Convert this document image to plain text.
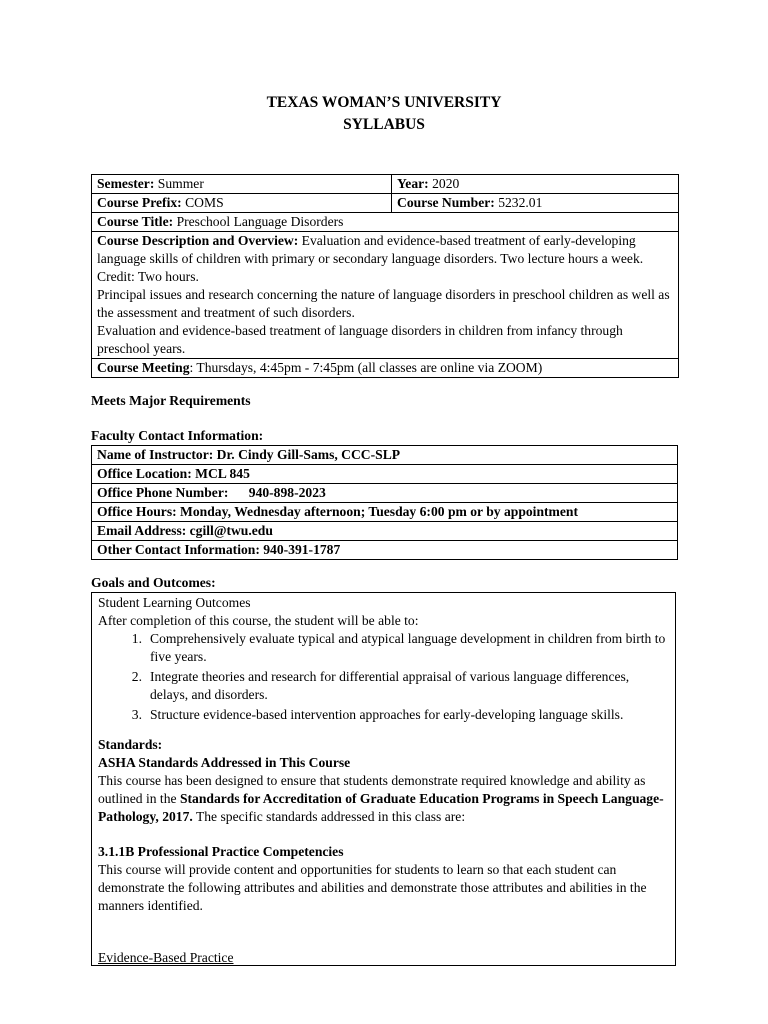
TEXAS WOMAN’S UNIVERSITY
SYLLABUS
Semester: Summer	Year: 2020
Course Prefix: COMS	Course Number: 5232.01
Course Title: Preschool Language Disorders	

Course Description and Overview: Evaluation and evidence-based treatment of early-developing language skills of children with primary or secondary language disorders. Two lecture hours a week. Credit: Two hours.
Principal issues and research concerning the nature of language disorders in preschool children as well as the assessment and treatment of such disorders.
Evaluation and evidence-based treatment of language disorders in children from infancy through preschool years.	

Course Meeting: Thursdays, 4:45pm - 7:45pm (all classes are online via ZOOM)	
Meets Major Requirements
Faculty Contact Information:
Name of Instructor: Dr. Cindy Gill-Sams, CCC-SLP
Office Location: MCL 845
Office Phone Number:      940-898-2023
Office Hours: Monday, Wednesday afternoon; Tuesday 6:00 pm or by appointment
Email Address: cgill@twu.edu
Other Contact Information: 940-391-1787
Goals and Outcomes:

Student Learning Outcomes

After completion of this course, the student will be able to:

1. Comprehensively evaluate typical and atypical language development in children from birth to five years.
2. Integrate theories and research for differential appraisal of various language differences, delays, and disorders.
3. Structure evidence-based intervention approaches for early-developing language skills.

Standards:

ASHA Standards Addressed in This Course

This course has been designed to ensure that students demonstrate required knowledge and ability as outlined in the Standards for Accreditation of Graduate Education Programs in Speech Language-Pathology, 2017. The specific standards addressed in this class are:

3.1.1B Professional Practice Competencies

This course will provide content and opportunities for students to learn so that each student can demonstrate the following attributes and abilities and demonstrate those attributes and abilities in the manners identified.

Evidence-Based Practice
